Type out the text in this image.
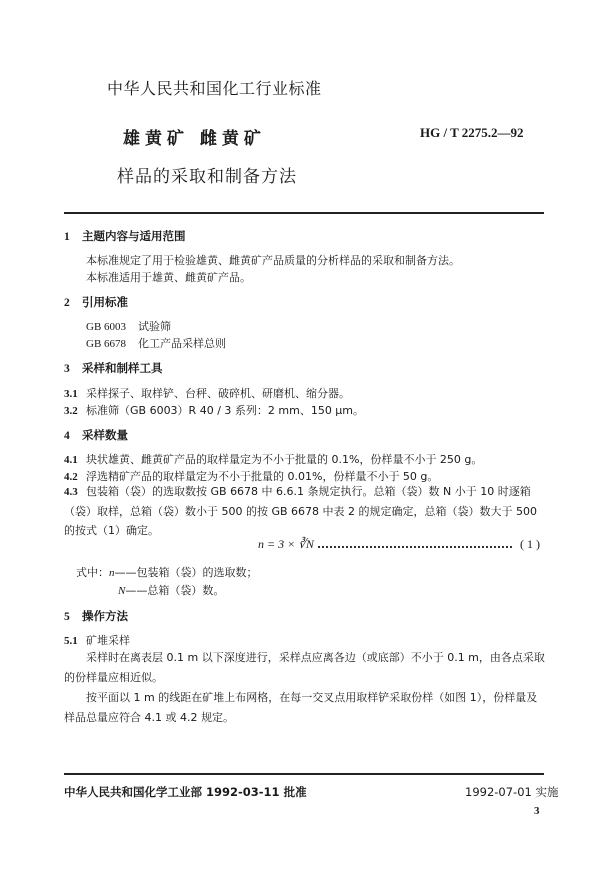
中华人民共和国化工行业标准
雄黄矿 雌黄矿
样品的采取和制备方法
HG / T 2275.2—92
1 主题内容与适用范围
本标准规定了用于检验雄黄、雌黄矿产品质量的分析样品的采取和制备方法。
本标准适用于雄黄、雌黄矿产品。
2 引用标准
GB 6003 试验筛
GB 6678 化工产品采样总则
3 采样和制样工具
3.1 采样探子、取样铲、台秤、破碎机、研磨机、缩分器。
3.2 标准筛（GB 6003）R 40 / 3 系列：2 mm、150 μm。
4 采样数量
4.1 块状雄黄、雌黄矿产品的取样量定为不小于批量的 0.1%，份样量不小于 250 g。
4.2 浮选精矿产品的取样量定为不小于批量的 0.01%，份样量不小于 50 g。
4.3 包装箱（袋）的选取数按 GB 6678 中 6.6.1 条规定执行。总箱（袋）数 N 小于 10 时逐箱（袋）取样，总箱（袋）数小于 500 的按 GB 6678 中表 2 的规定确定，总箱（袋）数大于 500 的按式（1）确定。
n = 3 × ∛N	( 1 )
式中：n——包装箱（袋）的选取数；
N——总箱（袋）数。
5 操作方法
5.1 矿堆采样
采样时在离表层 0.1 m 以下深度进行，采样点应离各边（或底部）不小于 0.1 m，由各点采取的份样量应相近似。
按平面以 1 m 的线距在矿堆上布网格，在每一交叉点用取样铲采取份样（如图 1），份样量及样品总量应符合 4.1 或 4.2 规定。
中华人民共和国化学工业部 1992-03-11 批准	1992-07-01 实施
3
